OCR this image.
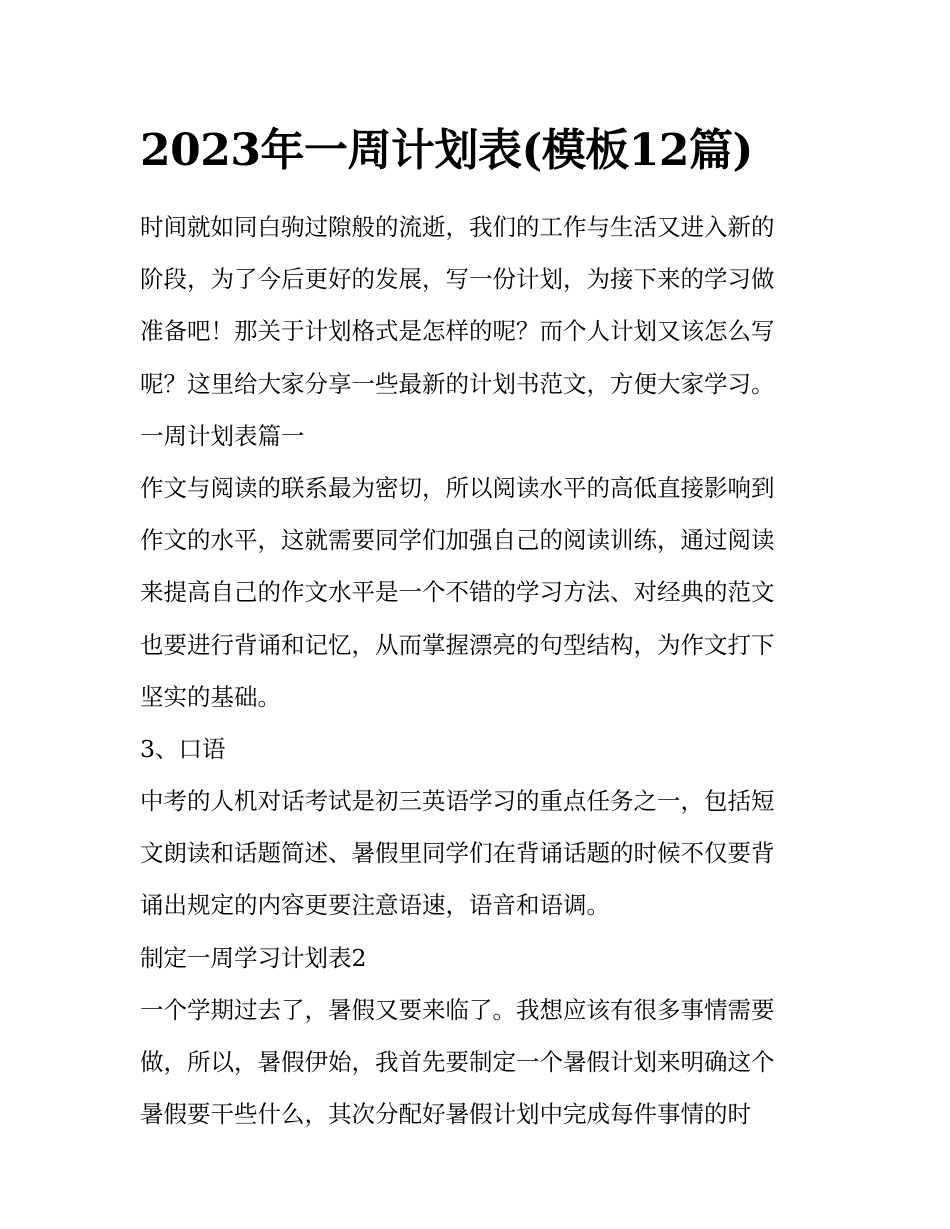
2023年一周计划表(模板12篇)
时间就如同白驹过隙般的流逝，我们的工作与生活又进入新的
阶段，为了今后更好的发展，写一份计划，为接下来的学习做
准备吧！那关于计划格式是怎样的呢？而个人计划又该怎么写
呢？这里给大家分享一些最新的计划书范文，方便大家学习。
一周计划表篇一
作文与阅读的联系最为密切，所以阅读水平的高低直接影响到
作文的水平，这就需要同学们加强自己的阅读训练，通过阅读
来提高自己的作文水平是一个不错的学习方法、对经典的范文
也要进行背诵和记忆，从而掌握漂亮的句型结构，为作文打下
坚实的基础。
3、口语
中考的人机对话考试是初三英语学习的重点任务之一，包括短
文朗读和话题简述、暑假里同学们在背诵话题的时候不仅要背
诵出规定的内容更要注意语速，语音和语调。
制定一周学习计划表2
一个学期过去了，暑假又要来临了。我想应该有很多事情需要
做，所以，暑假伊始，我首先要制定一个暑假计划来明确这个
暑假要干些什么，其次分配好暑假计划中完成每件事情的时
